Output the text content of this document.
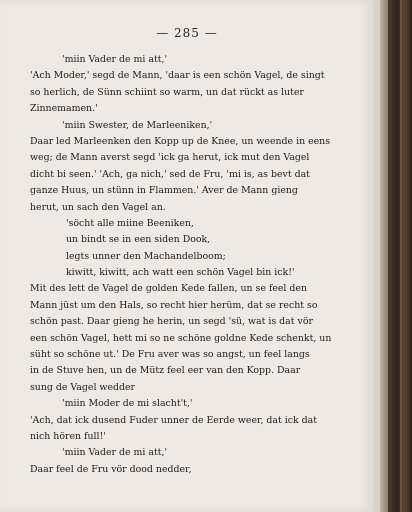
— 285 —
'miin Vader de mi att,'
'Ach Moder,' segd de Mann, 'daar is een schön Vagel, de singt
so herlich, de Sünn schiint so warm, un dat rückt as luter
Zinnemamen.'
'miin Swester, de Marleeniken,'
Daar led Marleenken den Kopp up de Knee, un weende in eens
weg; de Mann averst segd 'ick ga herut, ick mut den Vagel
dicht bi seen.' 'Ach, ga nich,' sed de Fru, 'mi is, as bevt dat
ganze Huus, un stünn in Flammen.' Aver de Mann gieng
herut, un sach den Vagel an.
'söcht alle miine Beeniken,
un bindt se in een siden Dook,
legts unner den Machandelboom;
kiwitt, kiwitt, ach watt een schön Vagel bin ick!'
Mit des lett de Vagel de golden Kede fallen, un se feel den
Mann jüst um den Hals, so recht hier herüm, dat se recht so
schön past. Daar gieng he herin, un segd 'sü, wat is dat vör
een schön Vagel, hett mi so ne schöne goldne Kede schenkt, un
süht so schöne ut.' De Fru aver was so angst, un feel langs
in de Stuve hen, un de Mütz feel eer van den Kopp. Daar
sung de Vagel wedder
'miin Moder de mi slacht't,'
'Ach, dat ick dusend Fuder unner de Eerde weer, dat ick dat
nich hören full!'
'miin Vader de mi att,'
Daar feel de Fru vör dood nedder,
